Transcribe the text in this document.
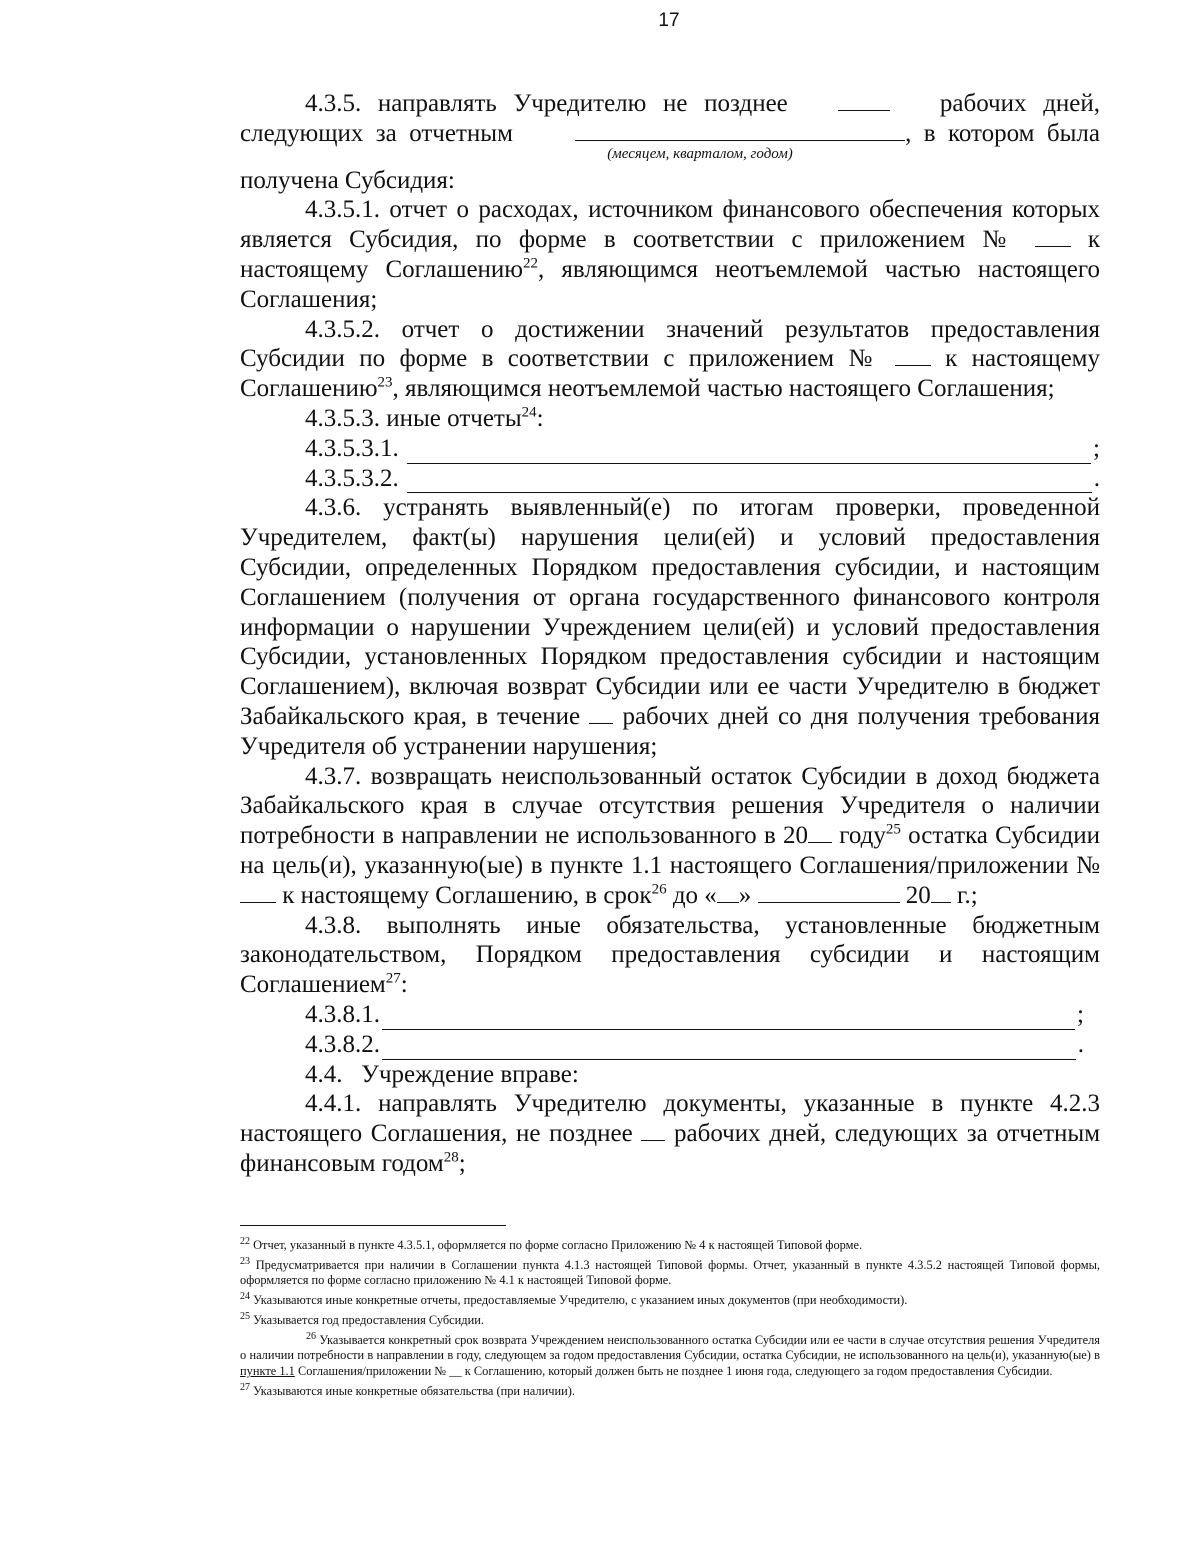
17
4.3.5. направлять Учредителю не позднее	рабочих дней,
следующих за отчетным	, в котором была
(месяцем, кварталом, годом)
получена Субсидия:
4.3.5.1. отчет о расходах, источником финансового обеспечения которых является Субсидия, по форме в соответствии с приложением №	к настоящему Соглашению$^{22}$, являющимся неотъемлемой частью настоящего Соглашения;
4.3.5.2. отчет о достижении значений результатов предоставления Субсидии по форме в соответствии с приложением №	к настоящему Соглашению$^{23}$, являющимся неотъемлемой частью настоящего Соглашения;
4.3.5.3. иные отчеты$^{24}$:
4.3.5.3.1.	;
4.3.5.3.2.	.
4.3.6. устранять выявленный(е) по итогам проверки, проведенной Учредителем, факт(ы) нарушения цели(ей) и условий предоставления Субсидии, определенных Порядком предоставления субсидии, и настоящим Соглашением (получения от органа государственного финансового контроля информации о нарушении Учреждением цели(ей) и условий предоставления Субсидии, установленных Порядком предоставления субсидии и настоящим Соглашением), включая возврат Субсидии или ее части Учредителю в бюджет Забайкальского края, в течение рабочих дней со дня получения требования Учредителя об устранении нарушения;
4.3.7. возвращать неиспользованный остаток Субсидии в доход бюджета Забайкальского края в случае отсутствия решения Учредителя о наличии потребности в направлении не использованного в 20 году$^{25}$ остатка Субсидии на цель(и), указанную(ые) в пункте 1.1 настоящего Соглашения/приложении №  к настоящему Соглашению, в срок$^{26}$ до « »	20 г.;
4.3.8. выполнять иные обязательства, установленные бюджетным законодательством, Порядком предоставления субсидии и настоящим Соглашением$^{27}$:
4.3.8.1.	;
4.3.8.2.	.
4.4.   Учреждение вправе:
4.4.1. направлять Учредителю документы, указанные в пункте 4.2.3 настоящего Соглашения, не позднее рабочих дней, следующих за отчетным финансовым годом$^{28}$;
$^{22}$ Отчет, указанный в пункте 4.3.5.1, оформляется по форме согласно Приложению № 4 к настоящей Типовой форме.
$^{23}$ Предусматривается при наличии в Соглашении пункта 4.1.3 настоящей Типовой формы. Отчет, указанный в пункте 4.3.5.2 настоящей Типовой формы, оформляется по форме согласно приложению № 4.1 к настоящей Типовой форме.
$^{24}$ Указываются иные конкретные отчеты, предоставляемые Учредителю, с указанием иных документов (при необходимости).
$^{25}$ Указывается год предоставления Субсидии.
$^{26}$ Указывается конкретный срок возврата Учреждением неиспользованного остатка Субсидии или ее части в случае отсутствия решения Учредителя о наличии потребности в направлении в году, следующем за годом предоставления Субсидии, остатка Субсидии, не использованного на цель(и), указанную(ые) в пункте 1.1 Соглашения/приложении № __ к Соглашению, который должен быть не позднее 1 июня года, следующего за годом предоставления Субсидии.
$^{27}$ Указываются иные конкретные обязательства (при наличии).
